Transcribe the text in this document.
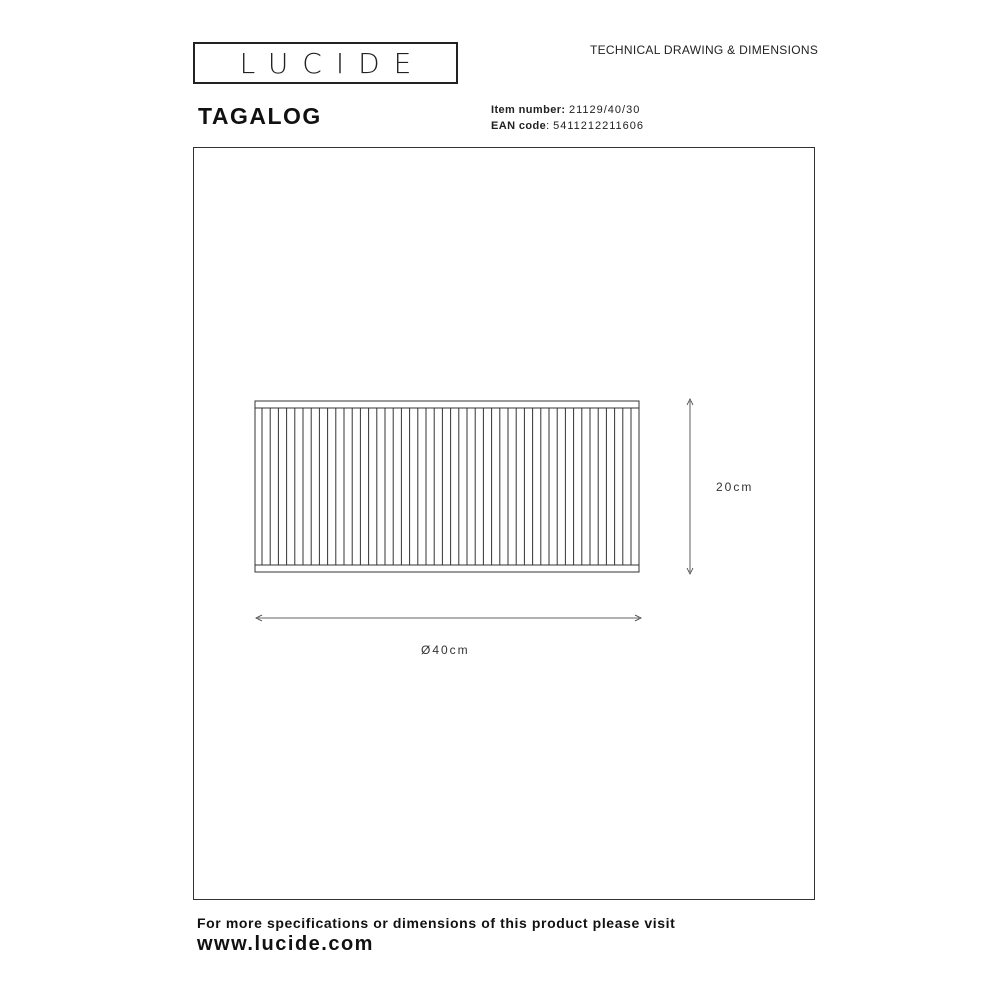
LUCIDE	TECHNICAL DRAWING & DIMENSIONS
TAGALOG	Item number: 21129/40/30
EAN code: 5411212211606
20cm
Ø40cm
For more specifications or dimensions of this product please visit
www.lucide.com
